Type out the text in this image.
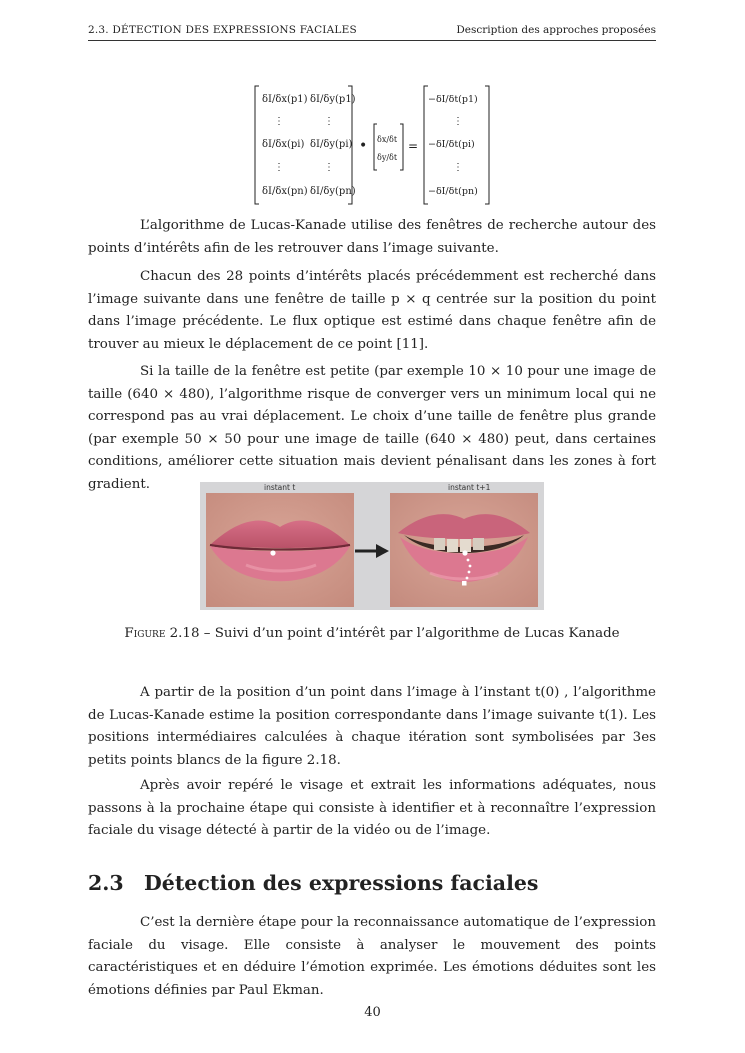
2.3. DÉTECTION DES EXPRESSIONS FACIALES	Description des approches proposées
δI/δx(p1) δI/δy(p1)
⋮	⋮
δI/δx(pi) δI/δy(pi)
⋮	⋮
δI/δx(pn) δI/δy(pn)
• δx/δt
δy/δt
=
−δI/δt(p1)
⋮
−δI/δt(pi)
⋮
−δI/δt(pn)

L’algorithme de Lucas-Kanade utilise des fenêtres de recherche autour des points d’intérêts afin de les retrouver dans l’image suivante.

Chacun des 28 points d’intérêts placés précédemment est recherché dans l’image suivante dans une fenêtre de taille p × q centrée sur la position du point dans l’image précédente. Le flux optique est estimé dans chaque fenêtre afin de trouver au mieux le déplacement de ce point [11].

Si la taille de la fenêtre est petite (par exemple 10 × 10 pour une image de taille (640 × 480), l’algorithme risque de converger vers un minimum local qui ne correspond pas au vrai déplacement. Le choix d’une taille de fenêtre plus grande (par exemple 50 × 50 pour une image de taille (640 × 480) peut, dans certaines conditions, améliorer cette situation mais devient pénalisant dans les zones à fort gradient.	instant t	instant t+1
Figure 2.18 – Suivi d’un point d’intérêt par l’algorithme de Lucas Kanade

A partir de la position d’un point dans l’image à l’instant t(0) , l’algorithme de Lucas-Kanade estime la position correspondante dans l’image suivante t(1). Les positions intermédiaires calculées à chaque itération sont symbolisées par 3es petits points blancs de la figure 2.18.

Après avoir repéré le visage et extrait les informations adéquates, nous passons à la prochaine étape qui consiste à identifier et à reconnaître l’expression faciale du visage détecté à partir de la vidéo ou de l’image.

2.3 Détection des expressions faciales

C’est la dernière étape pour la reconnaissance automatique de l’expression faciale du visage. Elle consiste à analyser le mouvement des points caractéristiques et en déduire l’émotion exprimée. Les émotions déduites sont les émotions définies par Paul Ekman.

40
